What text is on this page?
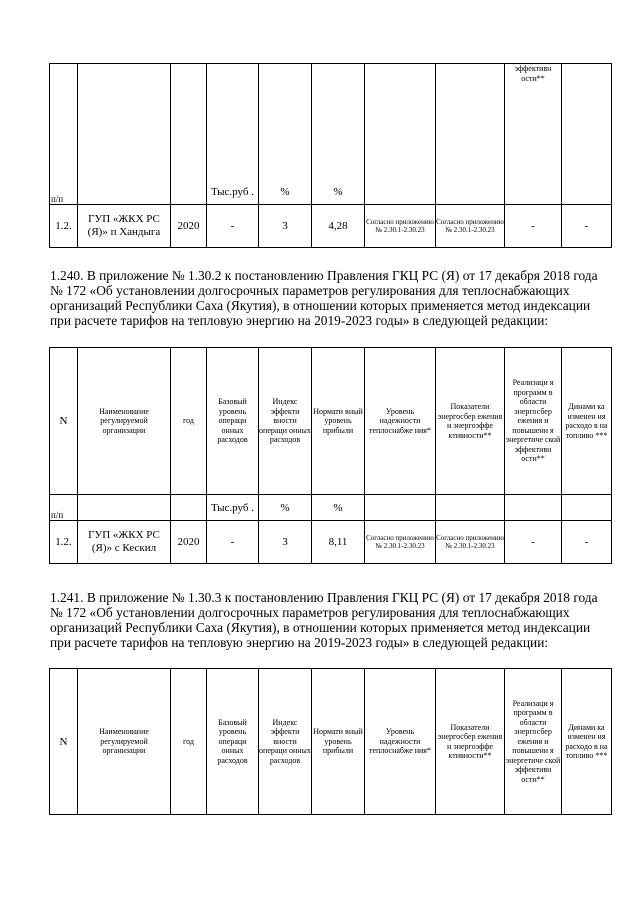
п/п			Тыс.руб .	%	%			эффективн ости**	
1.2.	ГУП «ЖКХ РС (Я)» п Хандыга	2020	-	3	4,28	Согласно приложению № 2.30.1-2.30.23	Согласно приложению № 2.30.1-2.30.23	-	-

1.240. В приложение № 1.30.2 к постановлению Правления ГКЦ РС (Я) от 17 декабря 2018 года № 172 «Об установлении долгосрочных параметров регулирования для теплоснабжающих организаций Республики Саха (Якутия), в отношении которых применяется метод индексации при расчете тарифов на тепловую энергию на 2019-2023 годы» в следующей редакции:

N	Наименование регулируемой организации	год	Базовый уровень операци онных расходов	Индекс эффекти вности операци онных расходов	Нормати вный уровень прибыли	Уровень надежности теплоснабже ния*	Показатели энергосбер ежения и энергоэффе ктивности**	Реализаци я программ в области энергосбер ежения и повышени я энергетиче ской эффективн ости**	Динами ка изменен ия расходо в на топливо ***
п/п			Тыс.руб .	%	%				
1.2.	ГУП «ЖКХ РС (Я)» с Кескил	2020	-	3	8,11	Согласно приложению № 2.30.1-2.30.23	Согласно приложению № 2.30.1-2.30.23	-	-

1.241. В приложение № 1.30.3 к постановлению Правления ГКЦ РС (Я) от 17 декабря 2018 года № 172 «Об установлении долгосрочных параметров регулирования для теплоснабжающих организаций Республики Саха (Якутия), в отношении которых применяется метод индексации при расчете тарифов на тепловую энергию на 2019-2023 годы» в следующей редакции:

N	Наименование регулируемой организации	год	Базовый уровень операци онных расходов	Индекс эффекти вности операци онных расходов	Нормати вный уровень прибыли	Уровень надежности теплоснабже ния*	Показатели энергосбер ежения и энергоэффе ктивности**	Реализаци я программ в области энергосбер ежения и повышени я энергетиче ской эффективн ости**	Динами ка изменен ия расходо в на топливо ***
